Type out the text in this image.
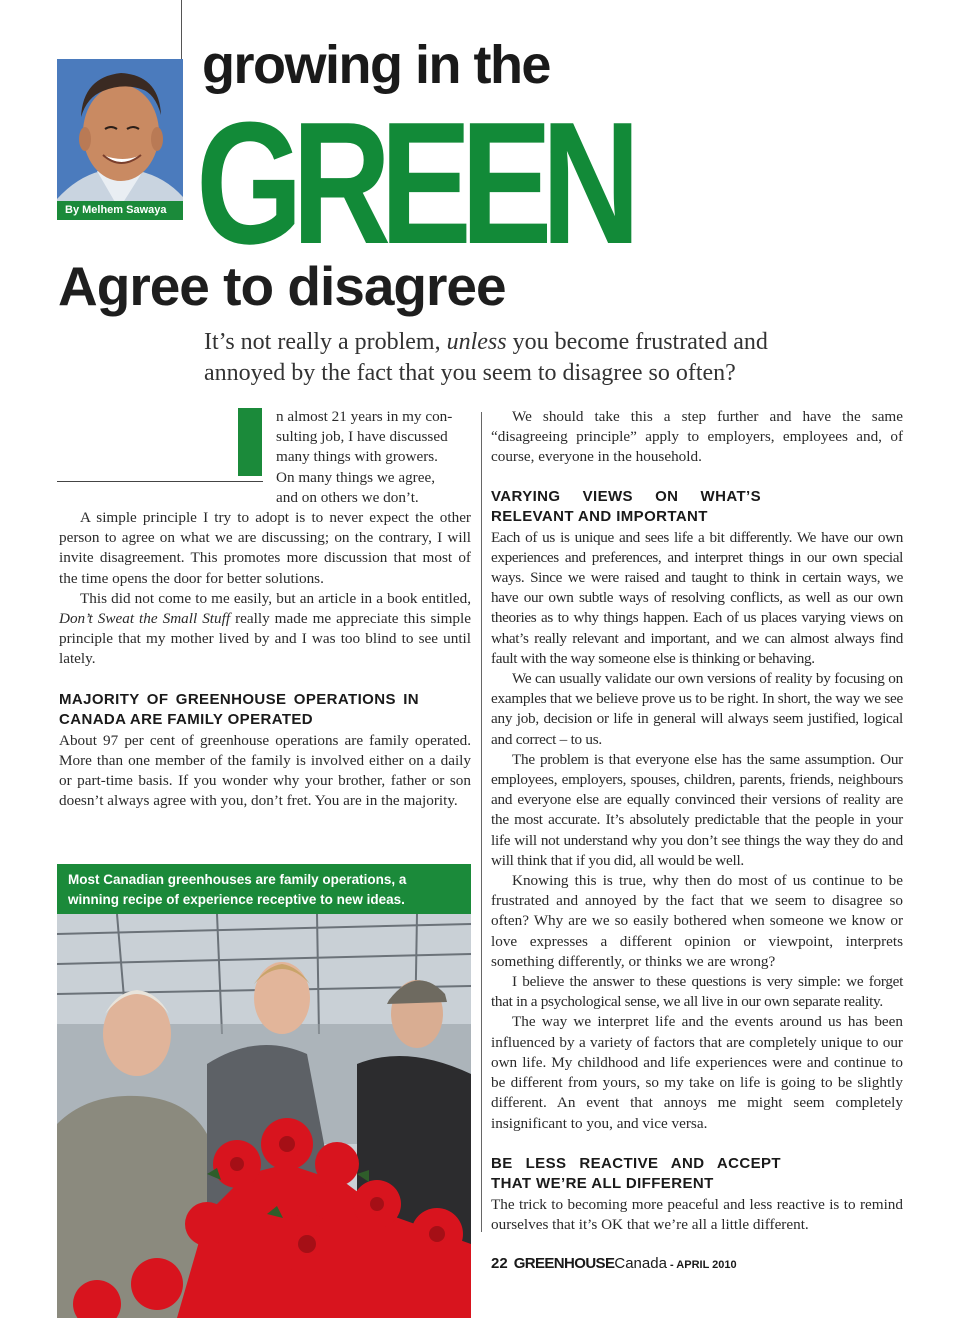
By Melhem Sawaya
growing in the
GREEN
Agree to disagree
It’s not really a problem, unless you become frustrated and annoyed by the fact that you seem to disagree so often?
n almost 21 years in my con-
sulting job, I have discussed
many things with growers.
On many things we agree,
and on others we don’t.

A simple principle I try to adopt is to never expect the other person to agree on what we are discussing; on the contrary, I will invite disagreement. This promotes more discussion that most of the time opens the door for better solutions.

This did not come to me easily, but an article in a book entitled, Don’t Sweat the Small Stuff really made me appreciate this simple principle that my mother lived by and I was too blind to see until lately.

MAJORITY OF GREENHOUSE OPERATIONS IN CANADA ARE FAMILY OPERATED

About 97 per cent of greenhouse operations are family operated. More than one member of the family is involved either on a daily or part-time basis. If you wonder why your brother, father or son doesn’t always agree with you, don’t fret. You are in the majority.

Most Canadian greenhouses are family operations, a winning recipe of experience receptive to new ideas.

We should take this a step further and have the same “disagreeing principle” apply to employers, employees and, of course, everyone in the household.

VARYING VIEWS ON WHAT’S RELEVANT AND IMPORTANT

Each of us is unique and sees life a bit differently. We have our own experiences and preferences, and interpret things in our own special ways. Since we were raised and taught to think in certain ways, we have our own subtle ways of resolving conflicts, as well as our own theories as to why things happen. Each of us places varying views on what’s really relevant and important, and we can almost always find fault with the way someone else is thinking or behaving.

We can usually validate our own versions of reality by focusing on examples that we believe prove us to be right. In short, the way we see any job, decision or life in general will always seem justified, logical and correct – to us.

The problem is that everyone else has the same assumption. Our employees, employers, spouses, children, parents, friends, neighbours and everyone else are equally convinced their versions of reality are the most accurate. It’s absolutely predictable that the people in your life will not understand why you don’t see things the way they do and will think that if you did, all would be well.

Knowing this is true, why then do most of us continue to be frustrated and annoyed by the fact that we seem to disagree so often? Why are we so easily bothered when someone we know or love expresses a different opinion or viewpoint, interprets something differently, or thinks we are wrong?

I believe the answer to these questions is very simple: we forget that in a psychological sense, we all live in our own separate reality.

The way we interpret life and the events around us has been influenced by a variety of factors that are completely unique to our own life. My childhood and life experiences were and continue to be different from yours, so my take on life is going to be slightly different. An event that annoys me might seem completely insignificant to you, and vice versa.

BE LESS REACTIVE AND ACCEPT THAT WE’RE ALL DIFFERENT

The trick to becoming more peaceful and less reactive is to remind ourselves that it’s OK that we’re all a little different.

22 GREENHOUSECanada - APRIL 2010
